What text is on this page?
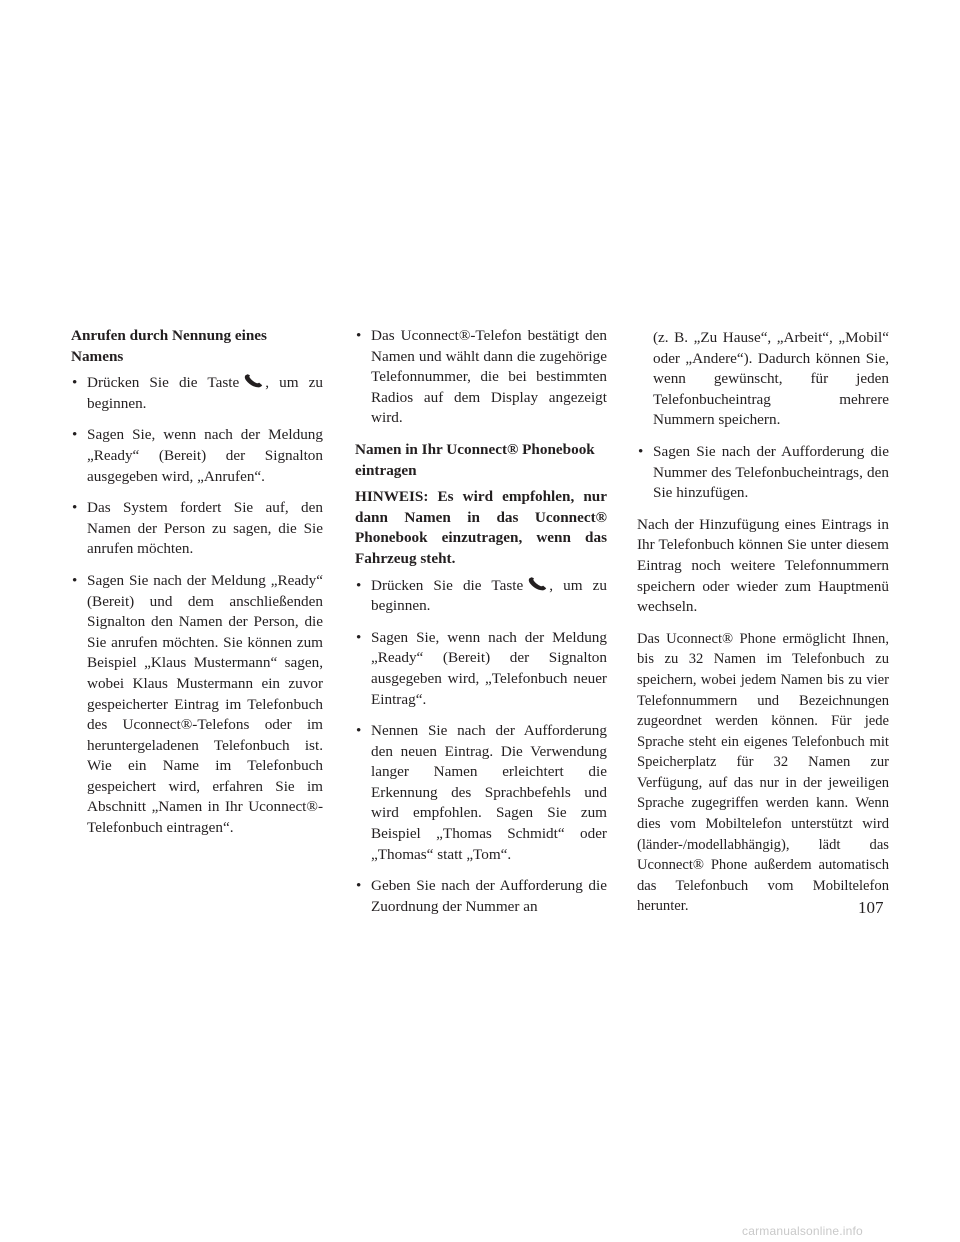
Anrufen durch Nennung eines Namens
• Drücken Sie die Taste , um zu beginnen.
• Sagen Sie, wenn nach der Meldung „Ready“ (Bereit) der Signalton ausgegeben wird, „Anrufen“.
• Das System fordert Sie auf, den Namen der Person zu sagen, die Sie anrufen möchten.
• Sagen Sie nach der Meldung „Ready“ (Bereit) und dem anschließenden Signalton den Namen der Person, die Sie anrufen möchten. Sie können zum Beispiel „Klaus Mustermann“ sagen, wobei Klaus Mustermann ein zuvor gespeicherter Eintrag im Telefonbuch des Uconnect®-Telefons oder im heruntergeladenen Telefonbuch ist. Wie ein Name im Telefonbuch gespeichert wird, erfahren Sie im Abschnitt „Namen in Ihr Uconnect®-Telefonbuch eintragen“.
• Das Uconnect®-Telefon bestätigt den Namen und wählt dann die zugehörige Telefonnummer, die bei bestimmten Radios auf dem Display angezeigt wird.
Namen in Ihr Uconnect® Phonebook eintragen
HINWEIS: Es wird empfohlen, nur dann Namen in das Uconnect® Phonebook einzutragen, wenn das Fahrzeug steht.
• Drücken Sie die Taste , um zu beginnen.
• Sagen Sie, wenn nach der Meldung „Ready“ (Bereit) der Signalton ausgegeben wird, „Telefonbuch neuer Eintrag“.
• Nennen Sie nach der Aufforderung den neuen Eintrag. Die Verwendung langer Namen erleichtert die Erkennung des Sprachbefehls und wird empfohlen. Sagen Sie zum Beispiel „Thomas Schmidt“ oder „Thomas“ statt „Tom“.
• Geben Sie nach der Aufforderung die Zuordnung der Nummer an
(z. B. „Zu Hause“, „Arbeit“, „Mobil“ oder „Andere“). Dadurch können Sie, wenn gewünscht, für jeden Telefonbucheintrag mehrere Nummern speichern.
• Sagen Sie nach der Aufforderung die Nummer des Telefonbucheintrags, den Sie hinzufügen.

Nach der Hinzufügung eines Eintrags in Ihr Telefonbuch können Sie unter diesem Eintrag noch weitere Telefonnummern speichern oder wieder zum Hauptmenü wechseln.

Das Uconnect® Phone ermöglicht Ihnen, bis zu 32 Namen im Telefonbuch zu speichern, wobei jedem Namen bis zu vier Telefonnummern und Bezeichnungen zugeordnet werden können. Für jede Sprache steht ein eigenes Telefonbuch mit Speicherplatz für 32 Namen zur Verfügung, auf das nur in der jeweiligen Sprache zugegriffen werden kann. Wenn dies vom Mobiltelefon unterstützt wird (länder-/modellabhängig), lädt das Uconnect® Phone außerdem automatisch das Telefonbuch vom Mobiltelefon herunter.	107
carmanualsonline.info
